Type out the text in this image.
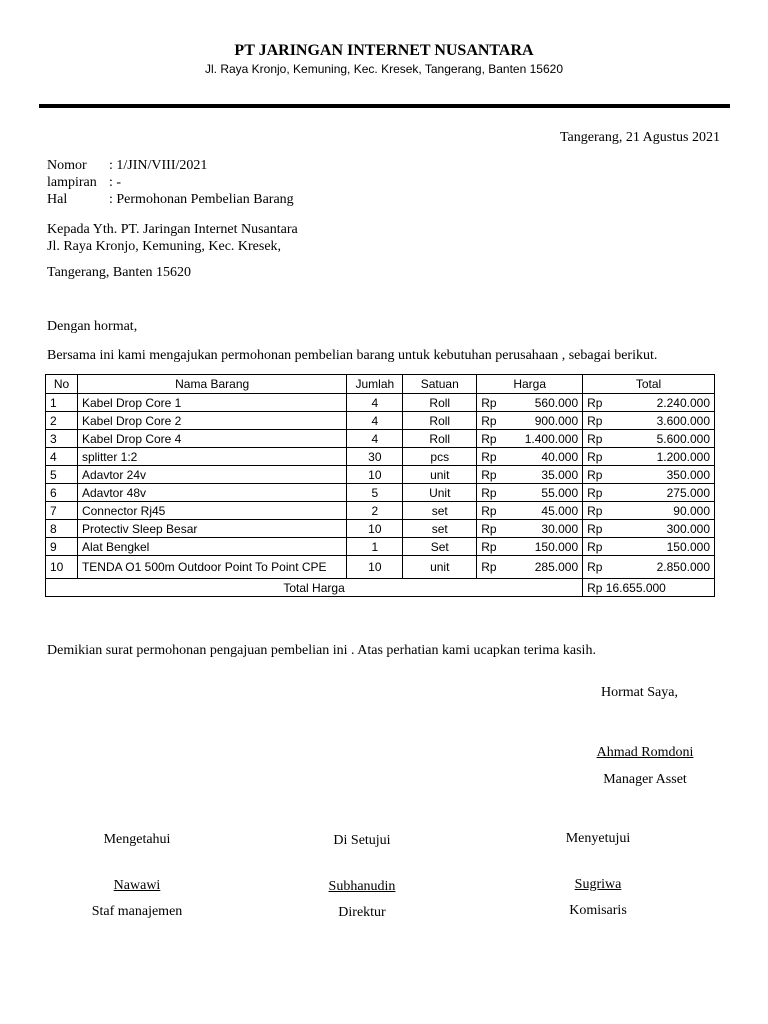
PT JARINGAN INTERNET NUSANTARA
Jl. Raya Kronjo, Kemuning, Kec. Kresek, Tangerang, Banten 15620
Tangerang, 21 Agustus 2021
Nomor	: 1/JIN/VIII/2021
lampiran : -
Hal	: Permohonan Pembelian Barang
Kepada Yth. PT. Jaringan Internet Nusantara
Jl. Raya Kronjo, Kemuning, Kec. Kresek,
Tangerang, Banten 15620
Dengan hormat,
Bersama ini kami mengajukan permohonan pembelian barang untuk kebutuhan perusahaan , sebagai berikut.
No	Nama Barang	Jumlah	Satuan	Harga	Total
1	Kabel Drop Core 1	4	Roll	Rp 560.000	Rp 2.240.000

2	Kabel Drop Core 2	4	Roll	Rp 900.000	Rp 3.600.000

3	Kabel Drop Core 4	4	Roll	Rp 1.400.000	Rp 5.600.000

4	splitter 1:2	30	pcs	Rp 40.000	Rp 1.200.000

5	Adavtor 24v	10	unit	Rp 35.000	Rp 350.000

6	Adavtor 48v	5	Unit	Rp 55.000	Rp 275.000

7	Connector Rj45	2	set	Rp 45.000	Rp 90.000

8	Protectiv Sleep Besar	10	set	Rp 30.000	Rp 300.000

9	Alat Bengkel	1	Set	Rp 150.000	Rp 150.000

10	TENDA O1 500m Outdoor Point To Point CPE	10	unit	Rp 285.000	Rp 2.850.000

Total Harga					Rp 16.655.000
Demikian surat permohonan pengajuan pembelian ini . Atas perhatian kami ucapkan terima kasih.
Hormat Saya,
Ahmad Romdoni
Manager Asset
Mengetahui
Nawawi
Staf manajemen
Di Setujui
Subhanudin
Direktur
Menyetujui
Sugriwa
Komisaris
